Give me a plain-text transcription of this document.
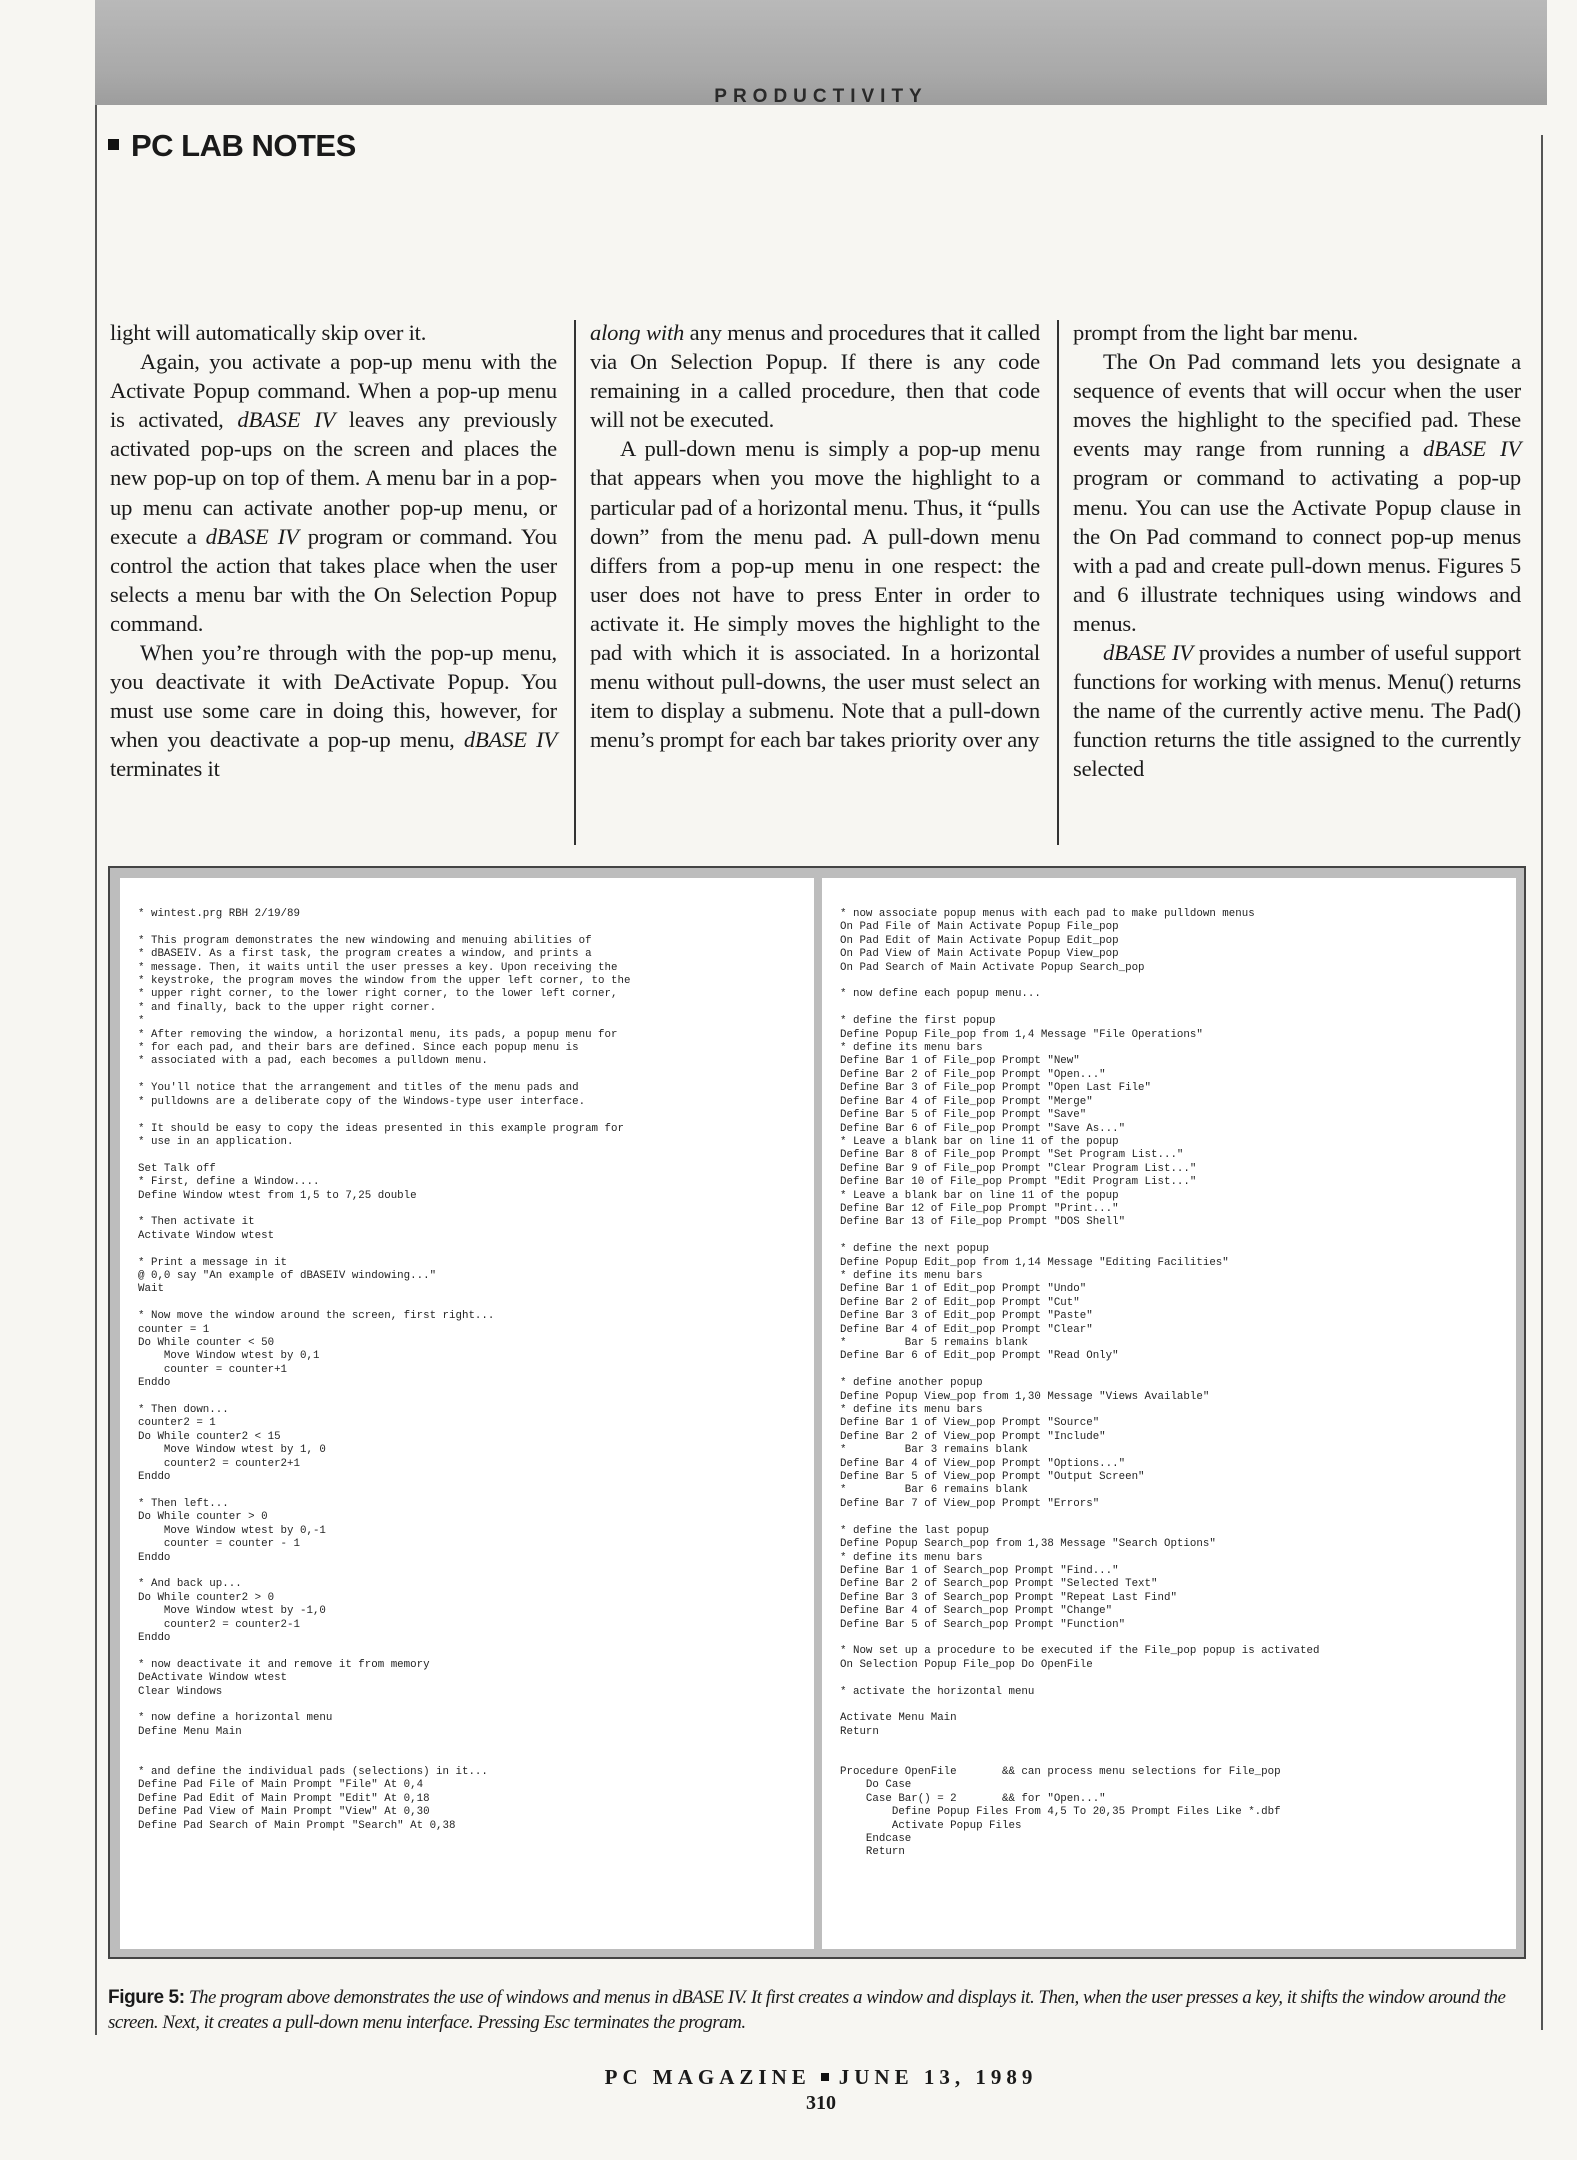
PRODUCTIVITY
PC LAB NOTES

light will automatically skip over it.

Again, you activate a pop-up menu with the Activate Popup command. When a pop-up menu is activated, dBASE IV leaves any previously activated pop-ups on the screen and places the new pop-up on top of them. A menu bar in a pop-up menu can activate another pop-up menu, or execute a dBASE IV program or command. You control the action that takes place when the user selects a menu bar with the On Selection Popup command.

When you’re through with the pop-up menu, you deactivate it with DeActivate Popup. You must use some care in doing this, however, for when you deactivate a pop-up menu, dBASE IV terminates it

along with any menus and procedures that it called via On Selection Popup. If there is any code remaining in a called procedure, then that code will not be executed.

A pull-down menu is simply a pop-up menu that appears when you move the highlight to a particular pad of a horizontal menu. Thus, it “pulls down” from the menu pad. A pull-down menu differs from a pop-up menu in one respect: the user does not have to press Enter in order to activate it. He simply moves the highlight to the pad with which it is associated. In a horizontal menu without pull-downs, the user must select an item to display a submenu. Note that a pull-down menu’s prompt for each bar takes priority over any

prompt from the light bar menu.

The On Pad command lets you designate a sequence of events that will occur when the user moves the highlight to the specified pad. These events may range from running a dBASE IV program or command to activating a pop-up menu. You can use the Activate Popup clause in the On Pad command to connect pop-up menus with a pad and create pull-down menus. Figures 5 and 6 illustrate techniques using windows and menus.

dBASE IV provides a number of useful support functions for working with menus. Menu() returns the name of the currently active menu. The Pad() function returns the title assigned to the currently selected

* wintest.prg RBH 2/19/89

* This program demonstrates the new windowing and menuing abilities of
* dBASEIV. As a first task, the program creates a window, and prints a
* message. Then, it waits until the user presses a key. Upon receiving the
* keystroke, the program moves the window from the upper left corner, to the
* upper right corner, to the lower right corner, to the lower left corner,
* and finally, back to the upper right corner.
*
* After removing the window, a horizontal menu, its pads, a popup menu for
* for each pad, and their bars are defined. Since each popup menu is
* associated with a pad, each becomes a pulldown menu.

* You'll notice that the arrangement and titles of the menu pads and
* pulldowns are a deliberate copy of the Windows-type user interface.

* It should be easy to copy the ideas presented in this example program for
* use in an application.

Set Talk off
* First, define a Window....
Define Window wtest from 1,5 to 7,25 double

* Then activate it
Activate Window wtest

* Print a message in it
@ 0,0 say "An example of dBASEIV windowing..."
Wait

* Now move the window around the screen, first right...
counter = 1
Do While counter < 50
Move Window wtest by 0,1
counter = counter+1
Enddo

* Then down...
counter2 = 1
Do While counter2 < 15
Move Window wtest by 1, 0
counter2 = counter2+1
Enddo

* Then left...
Do While counter > 0
Move Window wtest by 0,-1
counter = counter - 1
Enddo

* And back up...
Do While counter2 > 0
Move Window wtest by -1,0
counter2 = counter2-1
Enddo

* now deactivate it and remove it from memory
DeActivate Window wtest
Clear Windows

* now define a horizontal menu
Define Menu Main

* and define the individual pads (selections) in it...
Define Pad File of Main Prompt "File" At 0,4
Define Pad Edit of Main Prompt "Edit" At 0,18
Define Pad View of Main Prompt "View" At 0,30
Define Pad Search of Main Prompt "Search" At 0,38
* now associate popup menus with each pad to make pulldown menus
On Pad File of Main Activate Popup File_pop
On Pad Edit of Main Activate Popup Edit_pop
On Pad View of Main Activate Popup View_pop
On Pad Search of Main Activate Popup Search_pop

* now define each popup menu...

* define the first popup
Define Popup File_pop from 1,4 Message "File Operations"
* define its menu bars
Define Bar 1 of File_pop Prompt "New"
Define Bar 2 of File_pop Prompt "Open..."
Define Bar 3 of File_pop Prompt "Open Last File"
Define Bar 4 of File_pop Prompt "Merge"
Define Bar 5 of File_pop Prompt "Save"
Define Bar 6 of File_pop Prompt "Save As..."
* Leave a blank bar on line 11 of the popup
Define Bar 8 of File_pop Prompt "Set Program List..."
Define Bar 9 of File_pop Prompt "Clear Program List..."
Define Bar 10 of File_pop Prompt "Edit Program List..."
* Leave a blank bar on line 11 of the popup
Define Bar 12 of File_pop Prompt "Print..."
Define Bar 13 of File_pop Prompt "DOS Shell"

* define the next popup
Define Popup Edit_pop from 1,14 Message "Editing Facilities"
* define its menu bars
Define Bar 1 of Edit_pop Prompt "Undo"
Define Bar 2 of Edit_pop Prompt "Cut"
Define Bar 3 of Edit_pop Prompt "Paste"
Define Bar 4 of Edit_pop Prompt "Clear"
*         Bar 5 remains blank
Define Bar 6 of Edit_pop Prompt "Read Only"

* define another popup
Define Popup View_pop from 1,30 Message "Views Available"
* define its menu bars
Define Bar 1 of View_pop Prompt "Source"
Define Bar 2 of View_pop Prompt "Include"
*         Bar 3 remains blank
Define Bar 4 of View_pop Prompt "Options..."
Define Bar 5 of View_pop Prompt "Output Screen"
*         Bar 6 remains blank
Define Bar 7 of View_pop Prompt "Errors"

* define the last popup
Define Popup Search_pop from 1,38 Message "Search Options"
* define its menu bars
Define Bar 1 of Search_pop Prompt "Find..."
Define Bar 2 of Search_pop Prompt "Selected Text"
Define Bar 3 of Search_pop Prompt "Repeat Last Find"
Define Bar 4 of Search_pop Prompt "Change"
Define Bar 5 of Search_pop Prompt "Function"

* Now set up a procedure to be executed if the File_pop popup is activated
On Selection Popup File_pop Do OpenFile

* activate the horizontal menu

Activate Menu Main
Return

Procedure OpenFile       && can process menu selections for File_pop
Do Case
Case Bar() = 2       && for "Open..."
Define Popup Files From 4,5 To 20,35 Prompt Files Like *.dbf
Activate Popup Files
Endcase
Return
Figure 5: The program above demonstrates the use of windows and menus in dBASE IV. It first creates a window and displays it. Then, when the user presses a key, it shifts the window around the screen. Next, it creates a pull-down menu interface. Pressing Esc terminates the program.
PC MAGAZINE JUNE 13, 1989
310
